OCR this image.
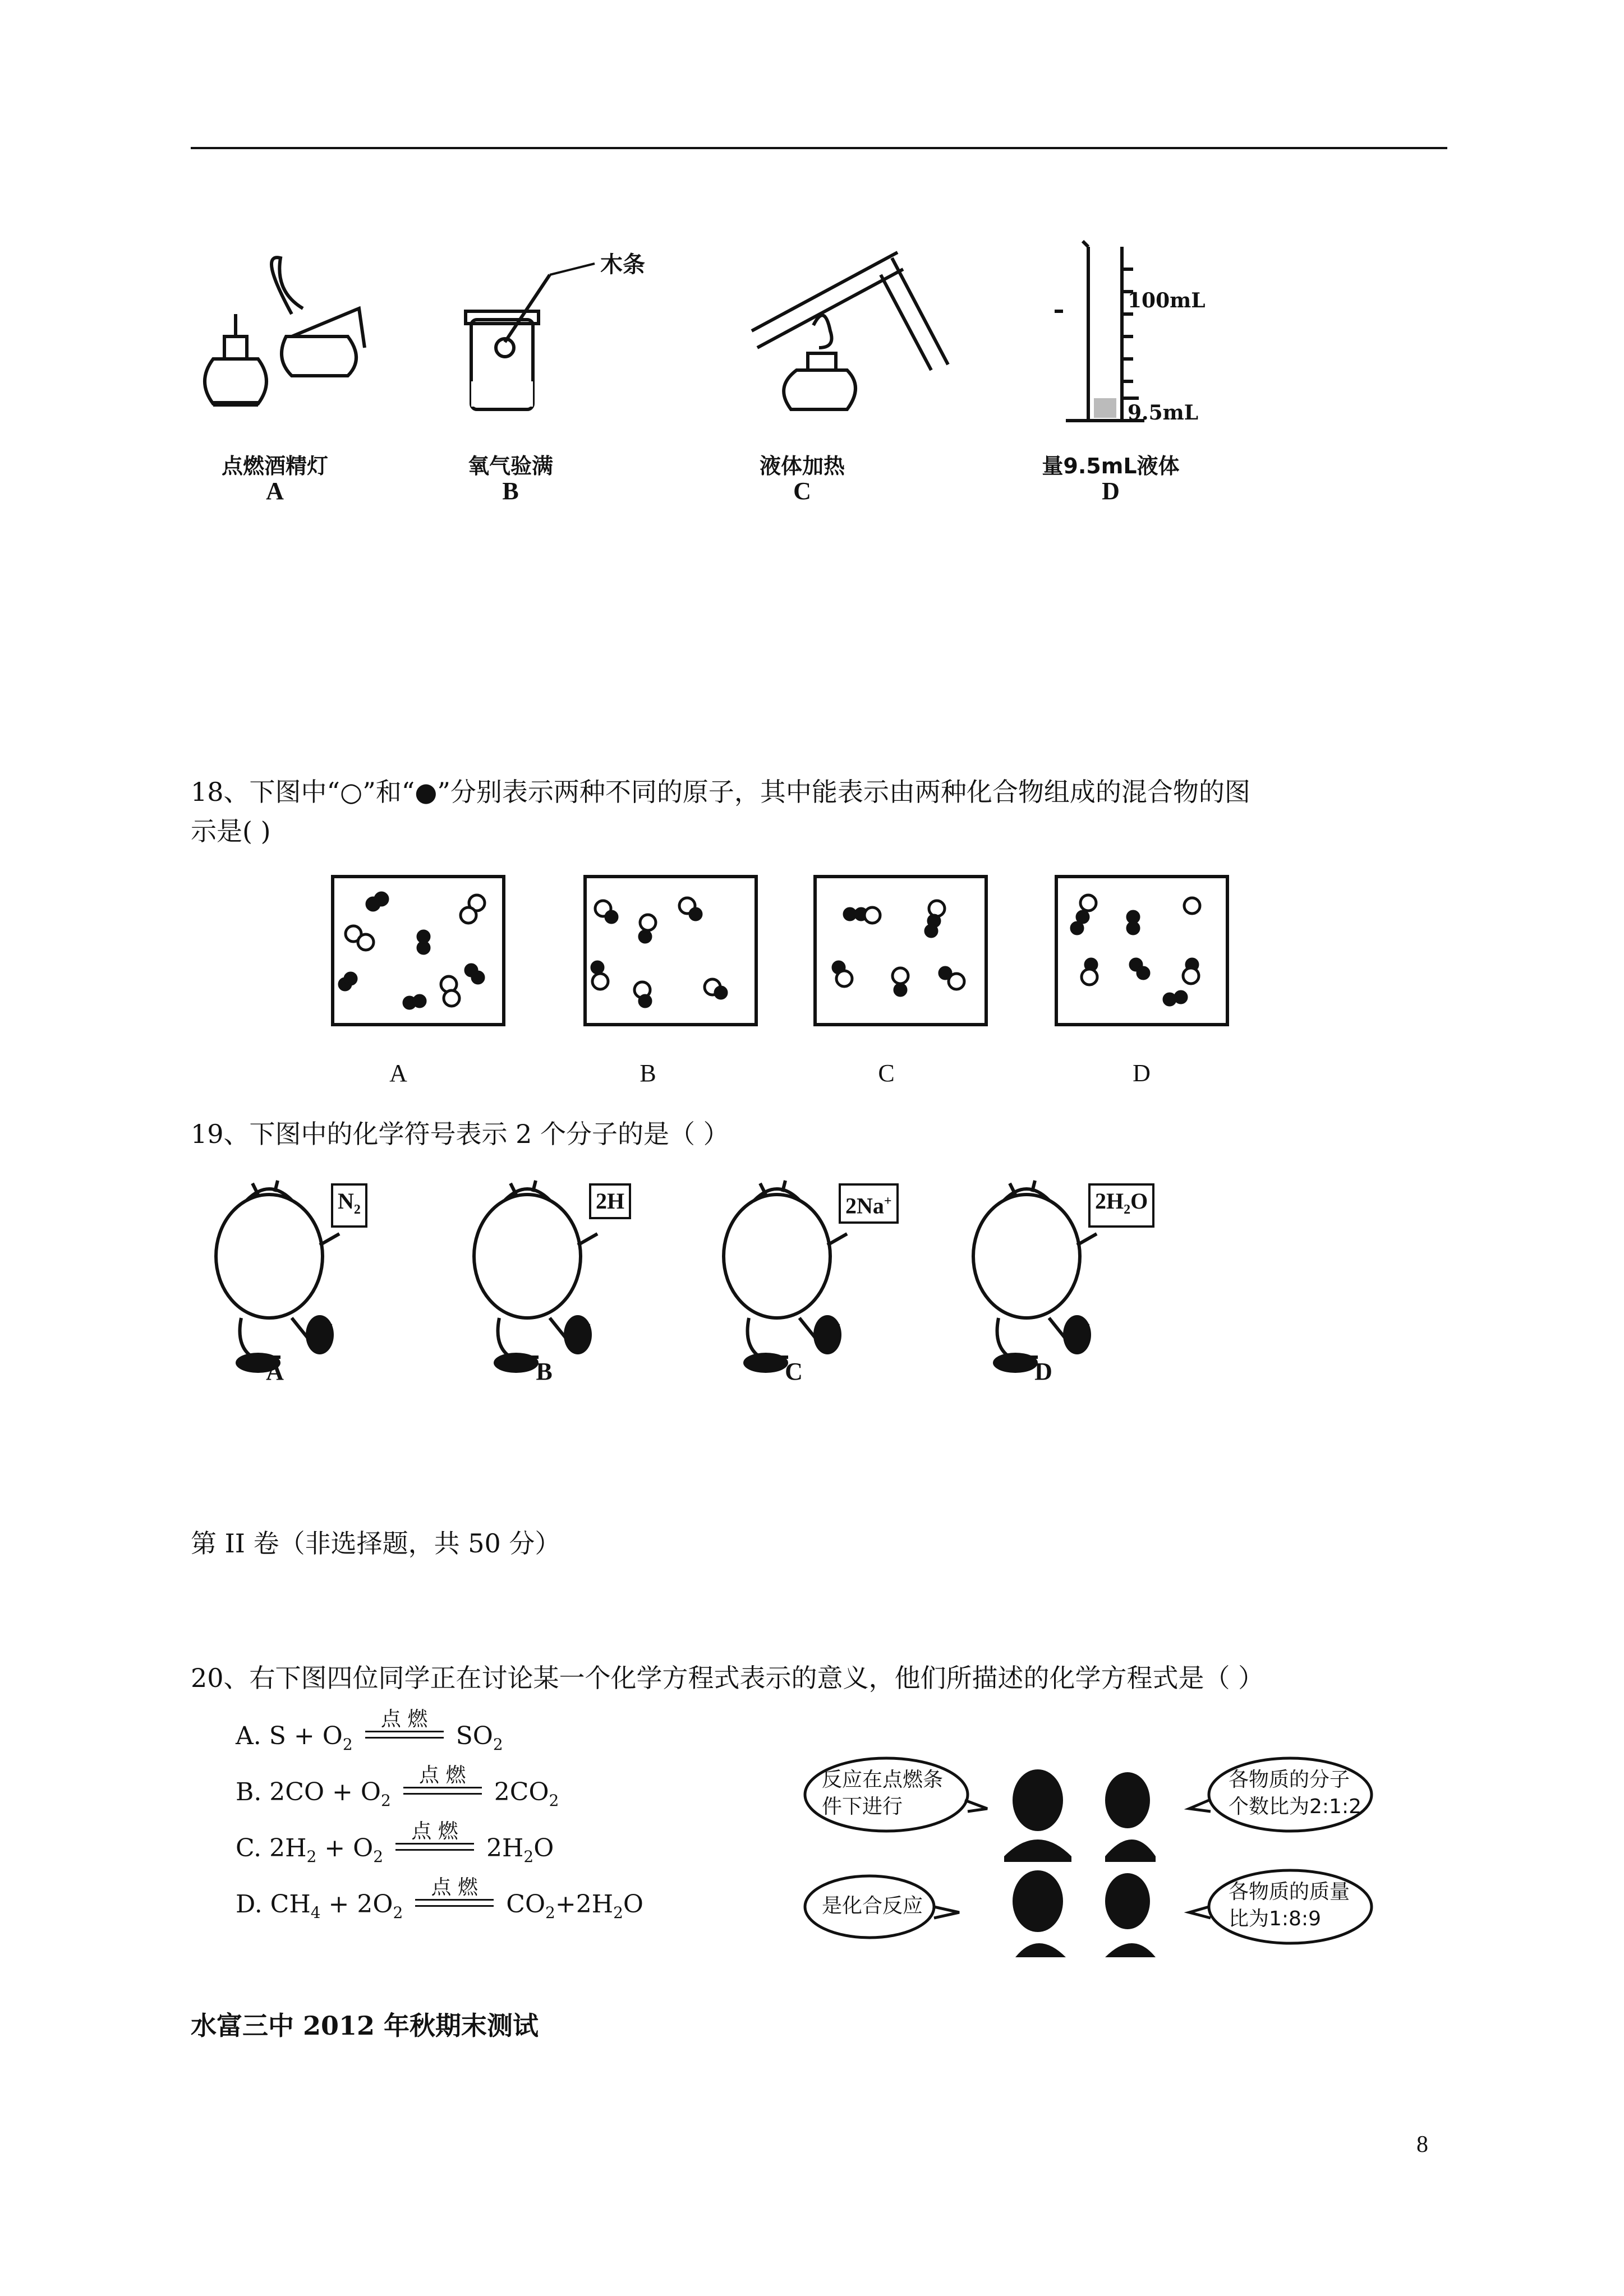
木条
100mL
9.5mL
点燃酒精灯	氧气验满	液体加热	量9.5mL液体
A	B	C	D
18、下图中“○”和“●”分别表示两种不同的原子，其中能表示由两种化合物组成的混合物的图
示是( )
A	B	C	D
19、下图中的化学符号表示 2 个分子的是（ ）
$N_2$	2H	2Na+	$2H_2O$
A	B	C	D
第 II 卷（非选择题，共 50 分）
20、右下图四位同学正在讨论某一个化学方程式表示的意义，他们所描述的化学方程式是（ ）
A. $S + O_2$
点 燃
$SO_2$
B. $2CO + O_2$
点 燃
$2CO_2$
C. $2H_2 + O_2$
点 燃
$2H_2O$
D. $CH_4 + 2O_2$
点 燃
$CO_2+2H_2O$
反应在点燃条件下进行
各物质的分子个数比为2:1:2
是化合反应
各物质的质量比为1:8:9
水富三中 2012 年秋期末测试
8
